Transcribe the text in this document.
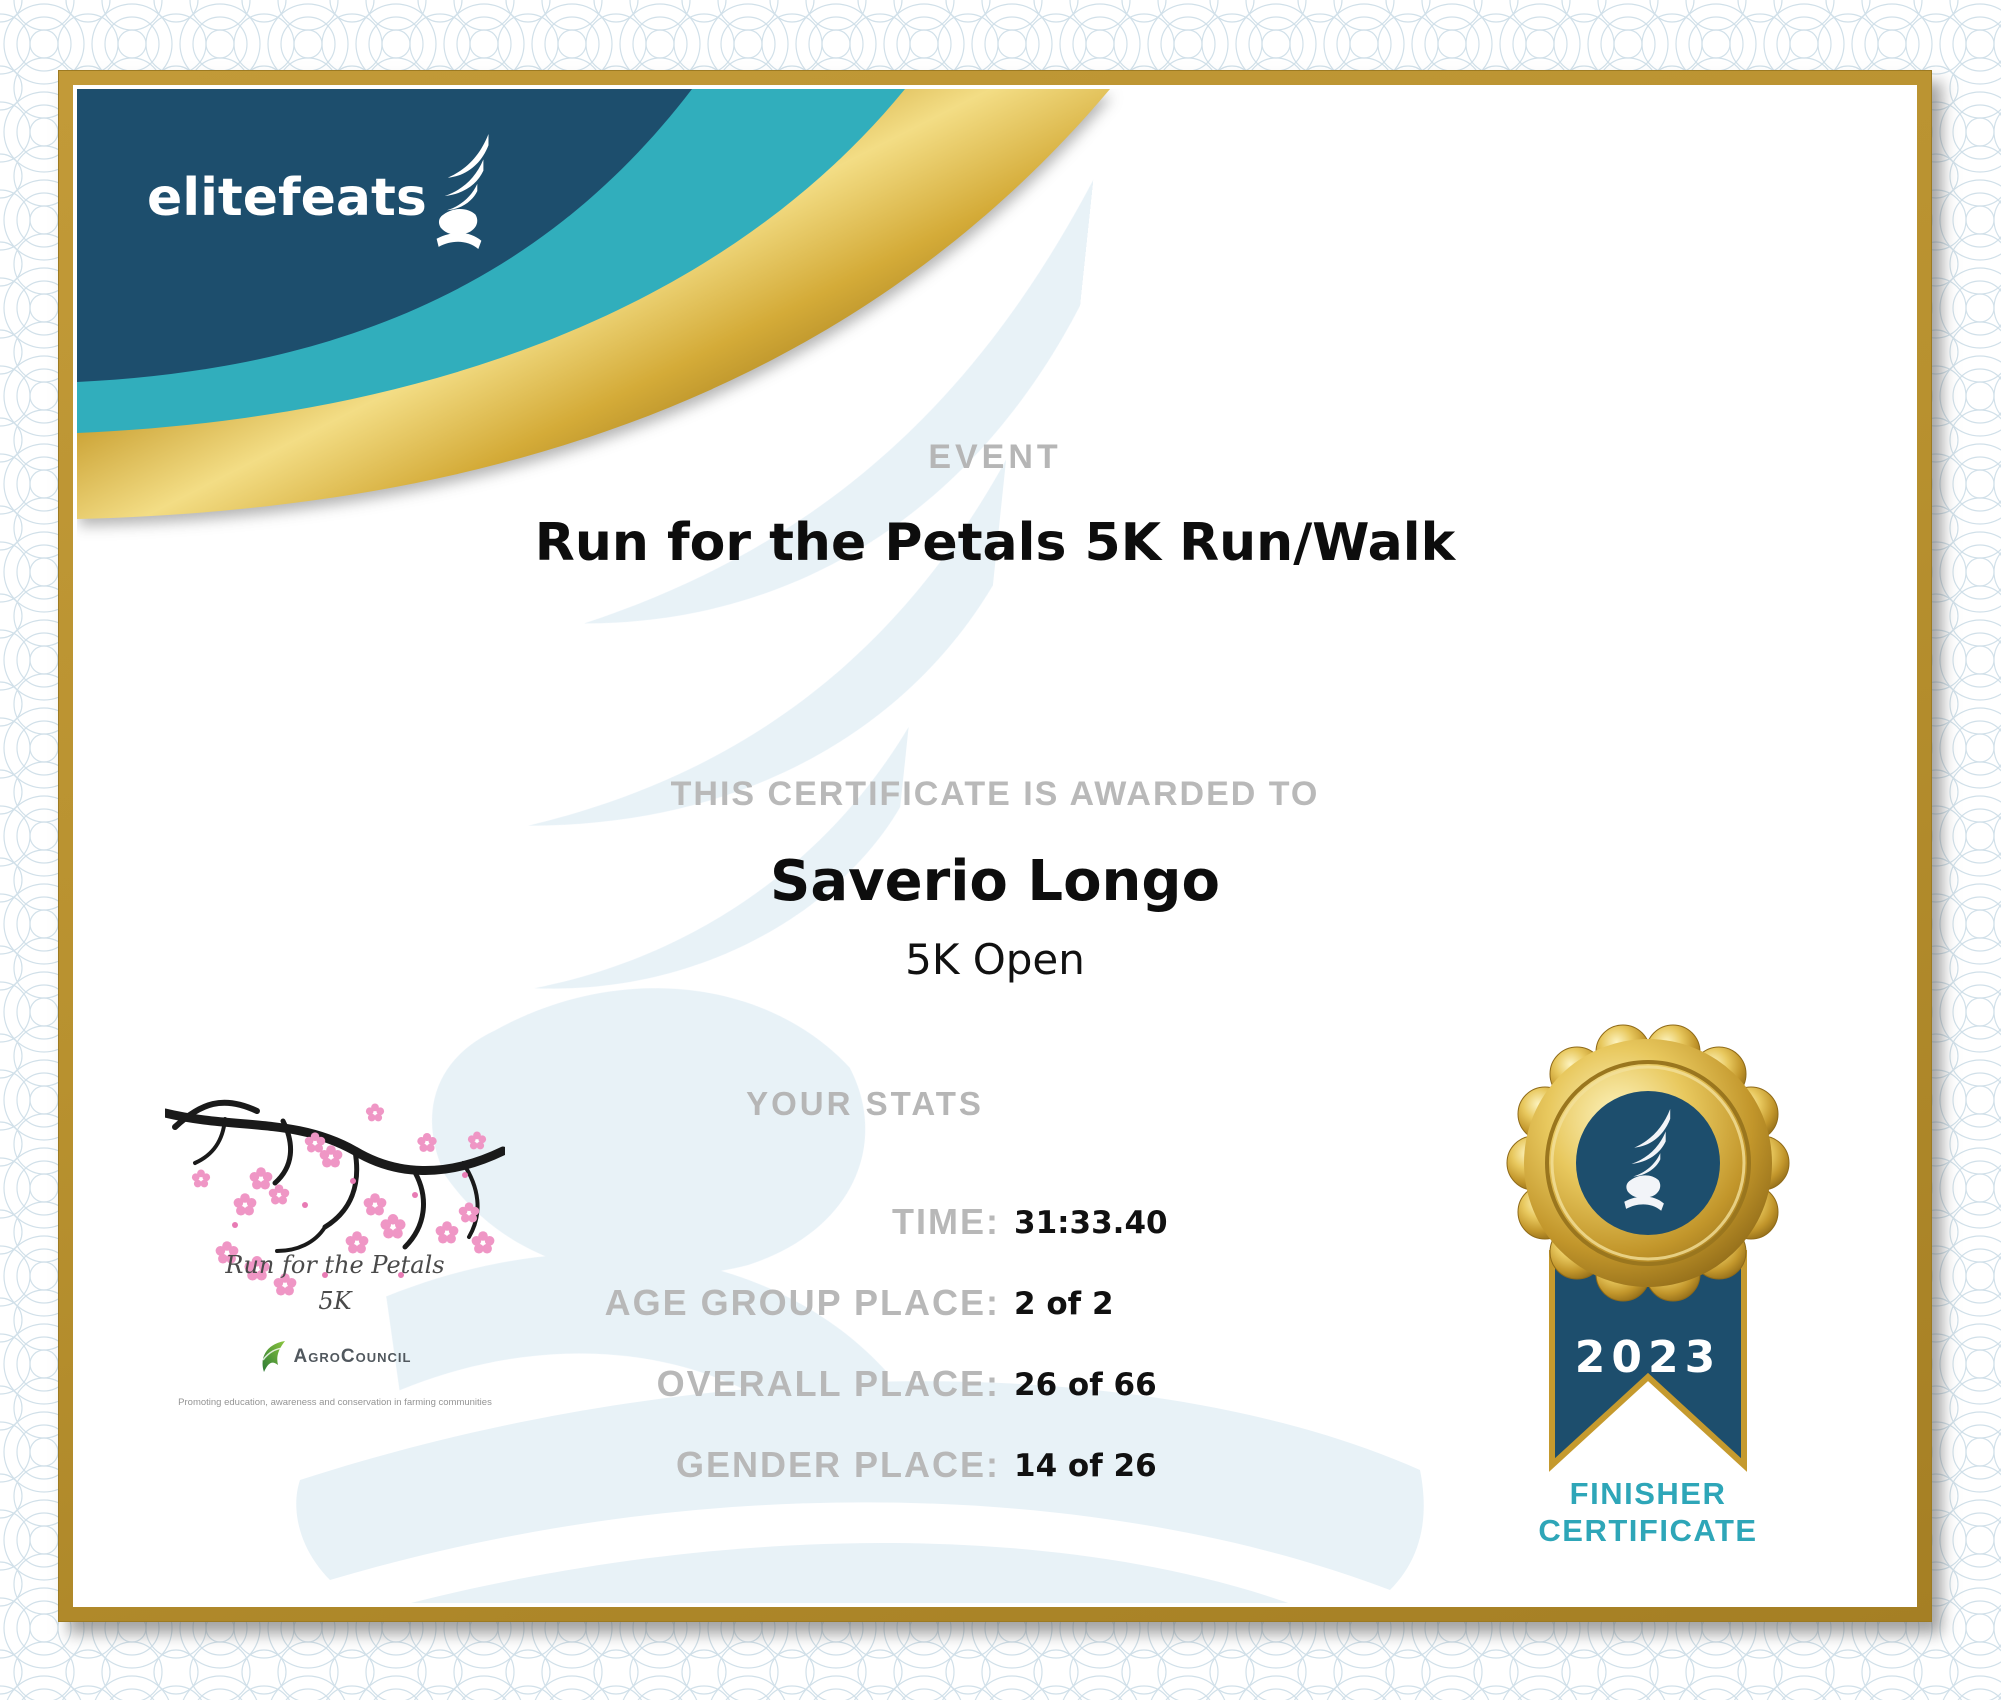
elitefeats
EVENT
Run for the Petals 5K Run/Walk
THIS CERTIFICATE IS AWARDED TO
Saverio Longo
5K Open
YOUR STATS
TIME: 31:33.40
AGE GROUP PLACE: 2 of 2
OVERALL PLACE: 26 of 66
GENDER PLACE: 14 of 26
Run for the Petals
5K
AGROCOUNCIL
Promoting education, awareness and conservation in farming communities
2023
FINISHER
CERTIFICATE
